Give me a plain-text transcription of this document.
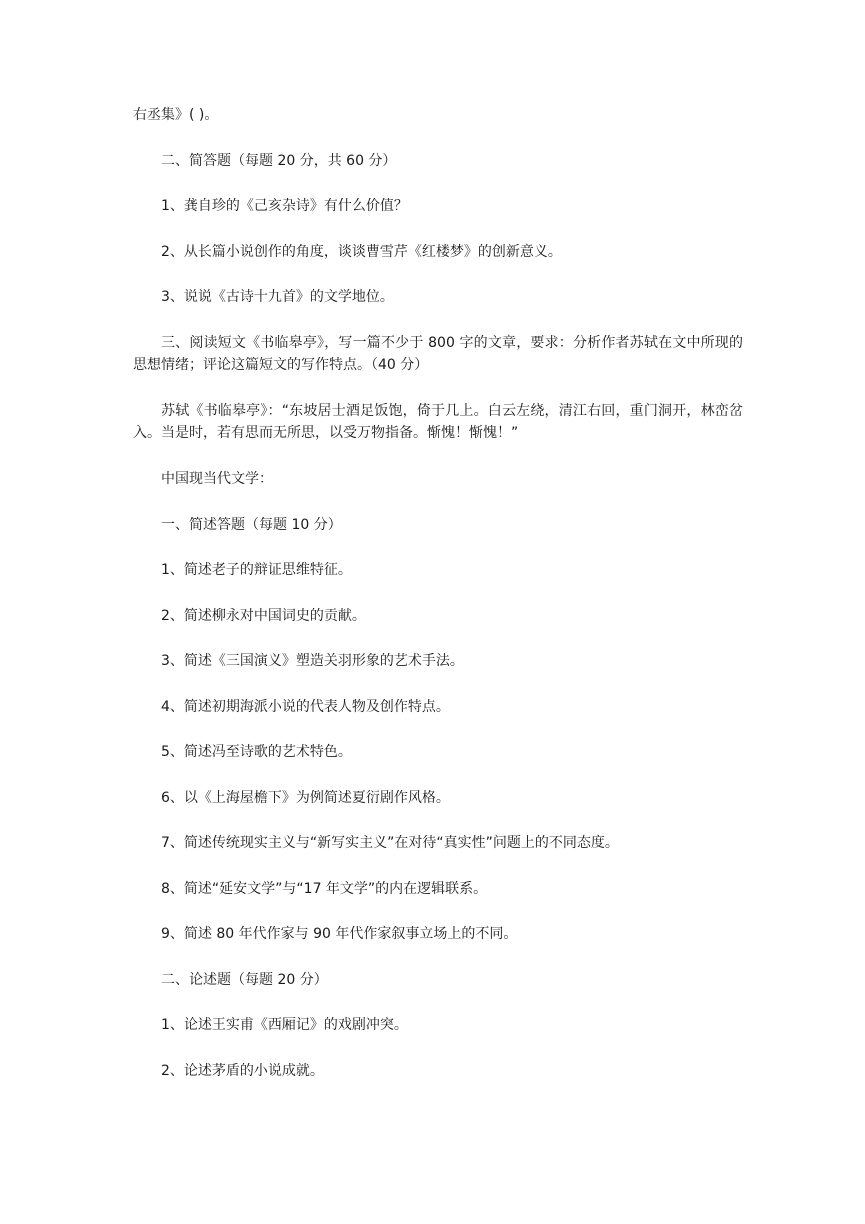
右丞集》( )。

二、简答题（每题 20 分，共 60 分）

1、龚自珍的《己亥杂诗》有什么价值？

2、从长篇小说创作的角度，谈谈曹雪芹《红楼梦》的创新意义。

3、说说《古诗十九首》的文学地位。

三、阅读短文《书临皋亭》，写一篇不少于 800 字的文章，要求：分析作者苏轼在文中所现的思想情绪；评论这篇短文的写作特点。（40 分）

苏轼《书临皋亭》：“东坡居士酒足饭饱，倚于几上。白云左绕，清江右回，重门洞开，林峦岔入。当是时，若有思而无所思，以受万物指备。惭愧！惭愧！”

中国现当代文学：

一、简述答题（每题 10 分）

1、简述老子的辩证思维特征。

2、简述柳永对中国词史的贡献。

3、简述《三国演义》塑造关羽形象的艺术手法。

4、简述初期海派小说的代表人物及创作特点。

5、简述冯至诗歌的艺术特色。

6、以《上海屋檐下》为例简述夏衍剧作风格。

7、简述传统现实主义与“新写实主义”在对待“真实性”问题上的不同态度。

8、简述“延安文学”与“17 年文学”的内在逻辑联系。

9、简述 80 年代作家与 90 年代作家叙事立场上的不同。

二、论述题（每题 20 分）

1、论述王实甫《西厢记》的戏剧冲突。

2、论述茅盾的小说成就。
